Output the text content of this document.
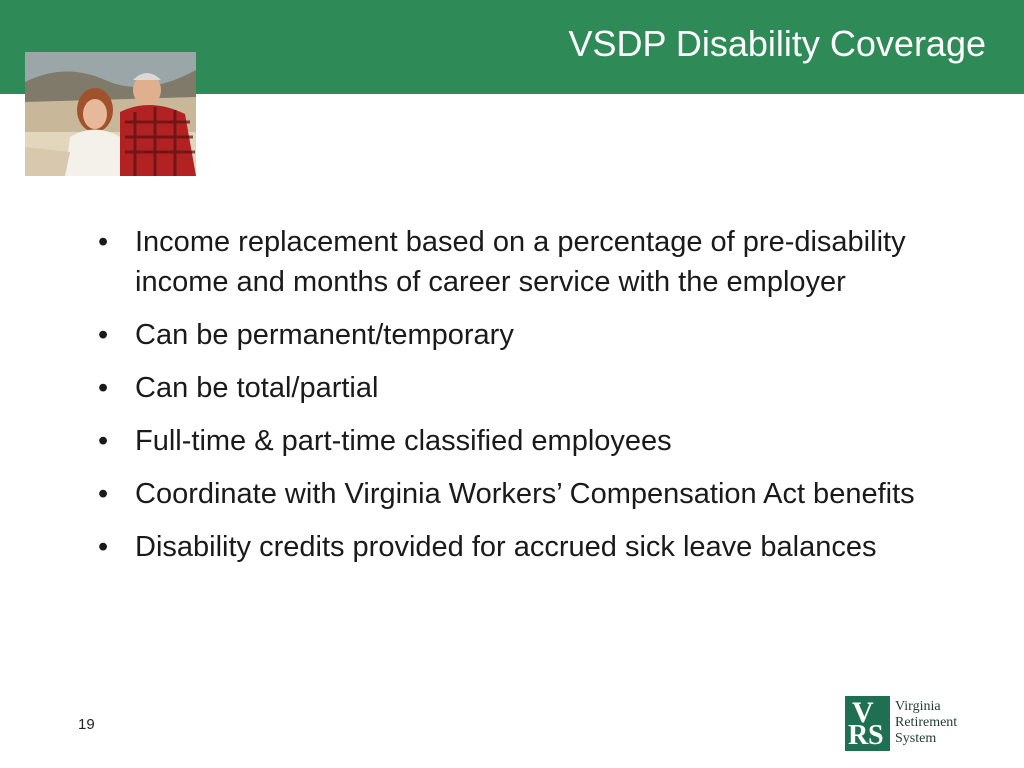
VSDP Disability Coverage
• Income replacement based on a percentage of pre-disability income and months of career service with the employer
• Can be permanent/temporary
• Can be total/partial
• Full-time & part-time classified employees
• Coordinate with Virginia Workers’ Compensation Act benefits
• Disability credits provided for accrued sick leave balances
19	V
R S
Virginia
Retirement
System
